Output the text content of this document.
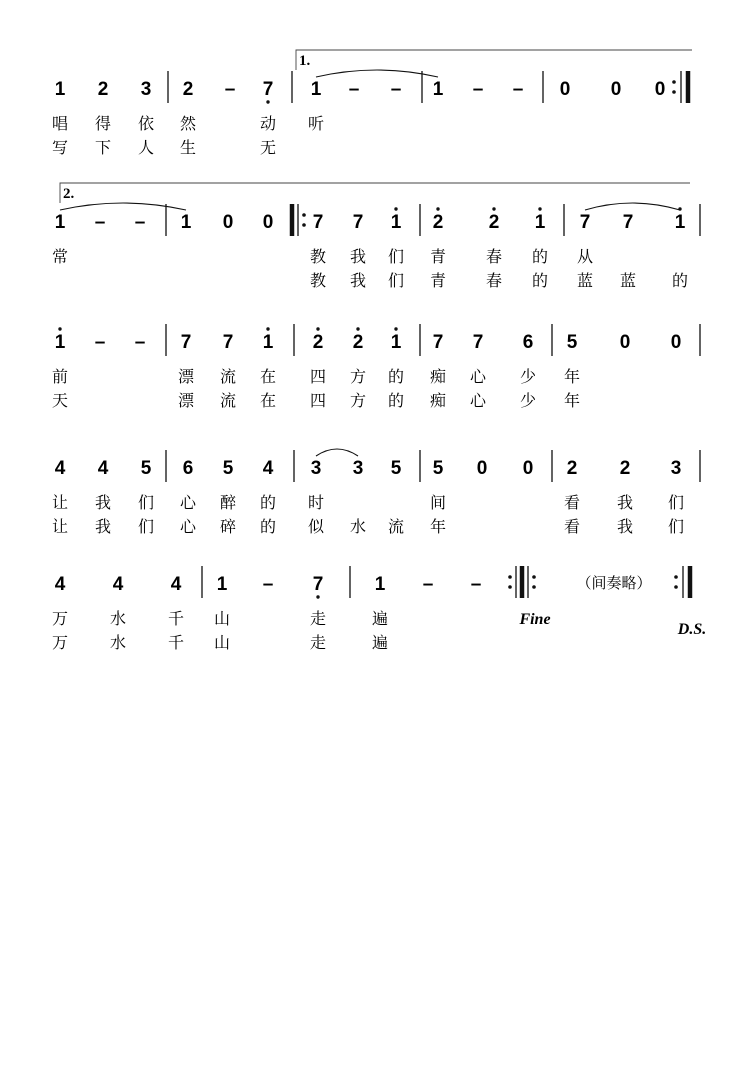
1.
1 2 3 2 – 7 1 – – 1 – – 0 0 0
唱 得 依 然	动 听
写 下 人 生	无
2.
1 – – 1 0 0 7 7 1 2 2 1 7 7 1
常	教 我 们 青 春 的 从
教 我 们 青 春 的 蓝 蓝 的
1 – – 7 7 1 2 2 1 7 7 6 5 0 0
前	漂 流 在 四 方 的 痴 心 少 年
天	漂 流 在 四 方 的 痴 心 少 年
4 4 5 6 5 4 3 3 5 5 0 0 2 2 3
让 我 们 心 醉 的 时	间	看 我 们
让 我 们 心 碎 的 似 水 流 年	看 我 们
4 4 4 1 – 7	1 – –
万	水	千 山	走	遍
万	水	千 山	走	遍
（间奏略）
Fine
D.S.
